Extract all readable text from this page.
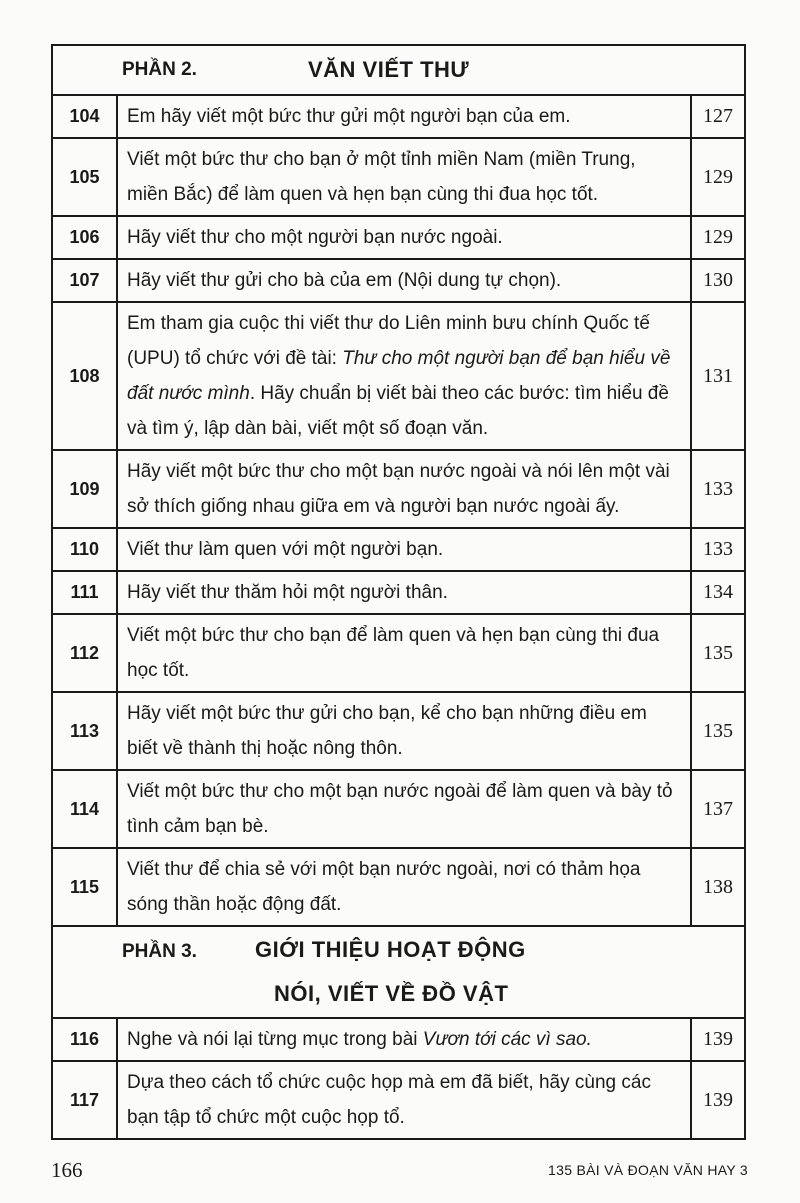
PHẦN 2. VĂN VIẾT THƯ		

104	Em hãy viết một bức thư gửi một người bạn của em.	127
105	Viết một bức thư cho bạn ở một tỉnh miền Nam (miền Trung, miền Bắc) để làm quen và hẹn bạn cùng thi đua học tốt.	129
106	Hãy viết thư cho một người bạn nước ngoài.	129
107	Hãy viết thư gửi cho bà của em (Nội dung tự chọn).	130
108	Em tham gia cuộc thi viết thư do Liên minh bưu chính Quốc tế (UPU) tổ chức với đề tài: Thư cho một người bạn để bạn hiểu về đất nước mình. Hãy chuẩn bị viết bài theo các bước: tìm hiểu đề và tìm ý, lập dàn bài, viết một số đoạn văn.	131
109	Hãy viết một bức thư cho một bạn nước ngoài và nói lên một vài sở thích giống nhau giữa em và người bạn nước ngoài ấy.	133
110	Viết thư làm quen với một người bạn.	133
111	Hãy viết thư thăm hỏi một người thân.	134
112	Viết một bức thư cho bạn để làm quen và hẹn bạn cùng thi đua học tốt.	135
113	Hãy viết một bức thư gửi cho bạn, kể cho bạn những điều em biết về thành thị hoặc nông thôn.	135
114	Viết một bức thư cho một bạn nước ngoài để làm quen và bày tỏ tình cảm bạn bè.	137
115	Viết thư để chia sẻ với một bạn nước ngoài, nơi có thảm họa sóng thần hoặc động đất.	138

PHẦN 3. GIỚI THIỆU HOẠT ĐỘNG
NÓI, VIẾT VỀ ĐỒ VẬT		

116	Nghe và nói lại từng mục trong bài Vươn tới các vì sao.	139
117	Dựa theo cách tổ chức cuộc họp mà em đã biết, hãy cùng các bạn tập tổ chức một cuộc họp tổ.	139
166	135 BÀI VÀ ĐOẠN VĂN HAY 3
